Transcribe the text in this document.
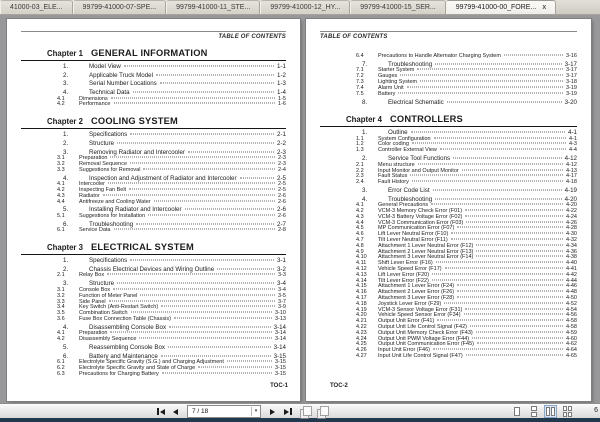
41000-03_ELE...	99799-41000-07-SPE...	99799-41000-11_STE...	99799-41000-12_HY...	99799-41000-15_SER...	99799-41000-00_FORE... x
TABLE OF CONTENTS
Chapter 1 GENERAL INFORMATION
1.	Model View	1-1
2.	Applicable Truck Model	1-2
3.	Serial Number Locations	1-3
4.	Technical Data	1-4
4.1	Dimensions	1-5
4.2	Performance	1-6
Chapter 2 COOLING SYSTEM
1.	Specifications	2-1
2.	Structure	2-2
3.	Removing Radiator and Intercooler	2-3
3.1	Preparation	2-3
3.2	Removal Sequence	2-3
3.3	Suggestions for Removal	2-4
4.	Inspection and Adjustment of Radiator and Intercooler	2-5
4.1	Intercooler	2-5
4.2	Inspecting Fan Belt	2-5
4.3	Radiator	2-6
4.4	Antifreeze and Cooling Water	2-6
5.	Installing Radiator and Intercooler	2-6
5.1	Suggestions for Installation	2-6
6.	Troubleshooting	2-7
6.1	Service Data	2-8
Chapter 3 ELECTRICAL SYSTEM
1.	Specifications	3-1
2.	Chassis Electrical Devices and Wiring Outline	3-2
2.1	Relay Box	3-3
3.	Structure	3-4
3.1	Console Box	3-4
3.2	Function of Meter Panel	3-5
3.3	Side Panel	3-7
3.4	Key Switch (Anti-Restart Switch)	3-9
3.5	Combination Switch	3-10
3.6	Fuse Box Connection Table (Chassis)	3-13
4.	Disassembling Console Box	3-14
4.1	Preparation	3-14
4.2	Disassembly Sequence	3-14
5.	Reassembling Console Box	3-14
6.	Battery and Maintenance	3-15
6.1	Electrolyte Specific Gravity (S.G.) and Charging Adjustment	3-15
6.2	Electrolyte Specific Gravity and State of Charge	3-15
6.3	Precautions for Charging Battery	3-15
TOC-1
TABLE OF CONTENTS
6.4	Precautions to Handle Alternator Charging System	3-16
7.	Troubleshooting	3-17
7.1	Starter System	3-17
7.2	Gauges	3-17
7.3	Lighting System	3-18
7.4	Alarm Unit	3-19
7.5	Battery	3-19
8.	Electrical Schematic	3-20
Chapter 4 CONTROLLERS
1.	Outline	4-1
1.1	System Configuration	4-1
1.2	Color coding	4-3
1.3	Controller External View	4-4
2.	Service Tool Functions	4-12
2.1	Menu structure	4-12
2.2	Input Monitor and Output Monitor	4-13
2.3	Fault Status	4-17
2.4	Fault History	4-18
3.	Error Code List	4-19
4.	Troubleshooting	4-20
4.1	General Precautions	4-20
4.2	VCM-3 Memory Check Error (F01)	4-22
4.3	VCM-3 Battery Voltage Error (F02)	4-24
4.4	VCM-3 Communication Error (F03)	4-26
4.5	MP Communication Error (F07)	4-28
4.6	Lift Lever Neutral Error (F10)	4-30
4.7	Tilt Lever Neutral Error (F11)	4-32
4.8	Attachment 1 Lever Neutral Error (F12)	4-34
4.9	Attachment 2 Lever Neutral Error (F13)	4-36
4.10	Attachment 3 Lever Neutral Error (F14)	4-38
4.11	Shift Lever Error (F16)	4-40
4.12	Vehicle Speed Error (F17)	4-41
4.13	Lift Lever Error (F20)	4-42
4.14	Tilt Lever Error (F22)	4-44
4.15	Attachment 1 Lever Error (F24)	4-46
4.16	Attachment 2 Lever Error (F26)	4-48
4.17	Attachment 3 Lever Error (F28)	4-50
4.18	Joystick Lever Error (F29)	4-52
4.19	VCM-3 Sensor Voltage Error (F31)	4-54
4.20	Vehicle Speed Sensor Error (F34)	4-56
4.21	Output Unit Error (F41)	4-58
4.22	Output Unit Life Control Signal (F42)	4-58
4.23	Output Unit Memory Check Error (F43)	4-59
4.24	Output Unit PWM Voltage Error (F44)	4-60
4.25	Output Unit Communication Error (F45)	4-62
4.26	Input Unit Error (F46)	4-64
4.27	Input Unit Life Control Signal (F47)	4-65
TOC-2
7 / 18	▾	6
